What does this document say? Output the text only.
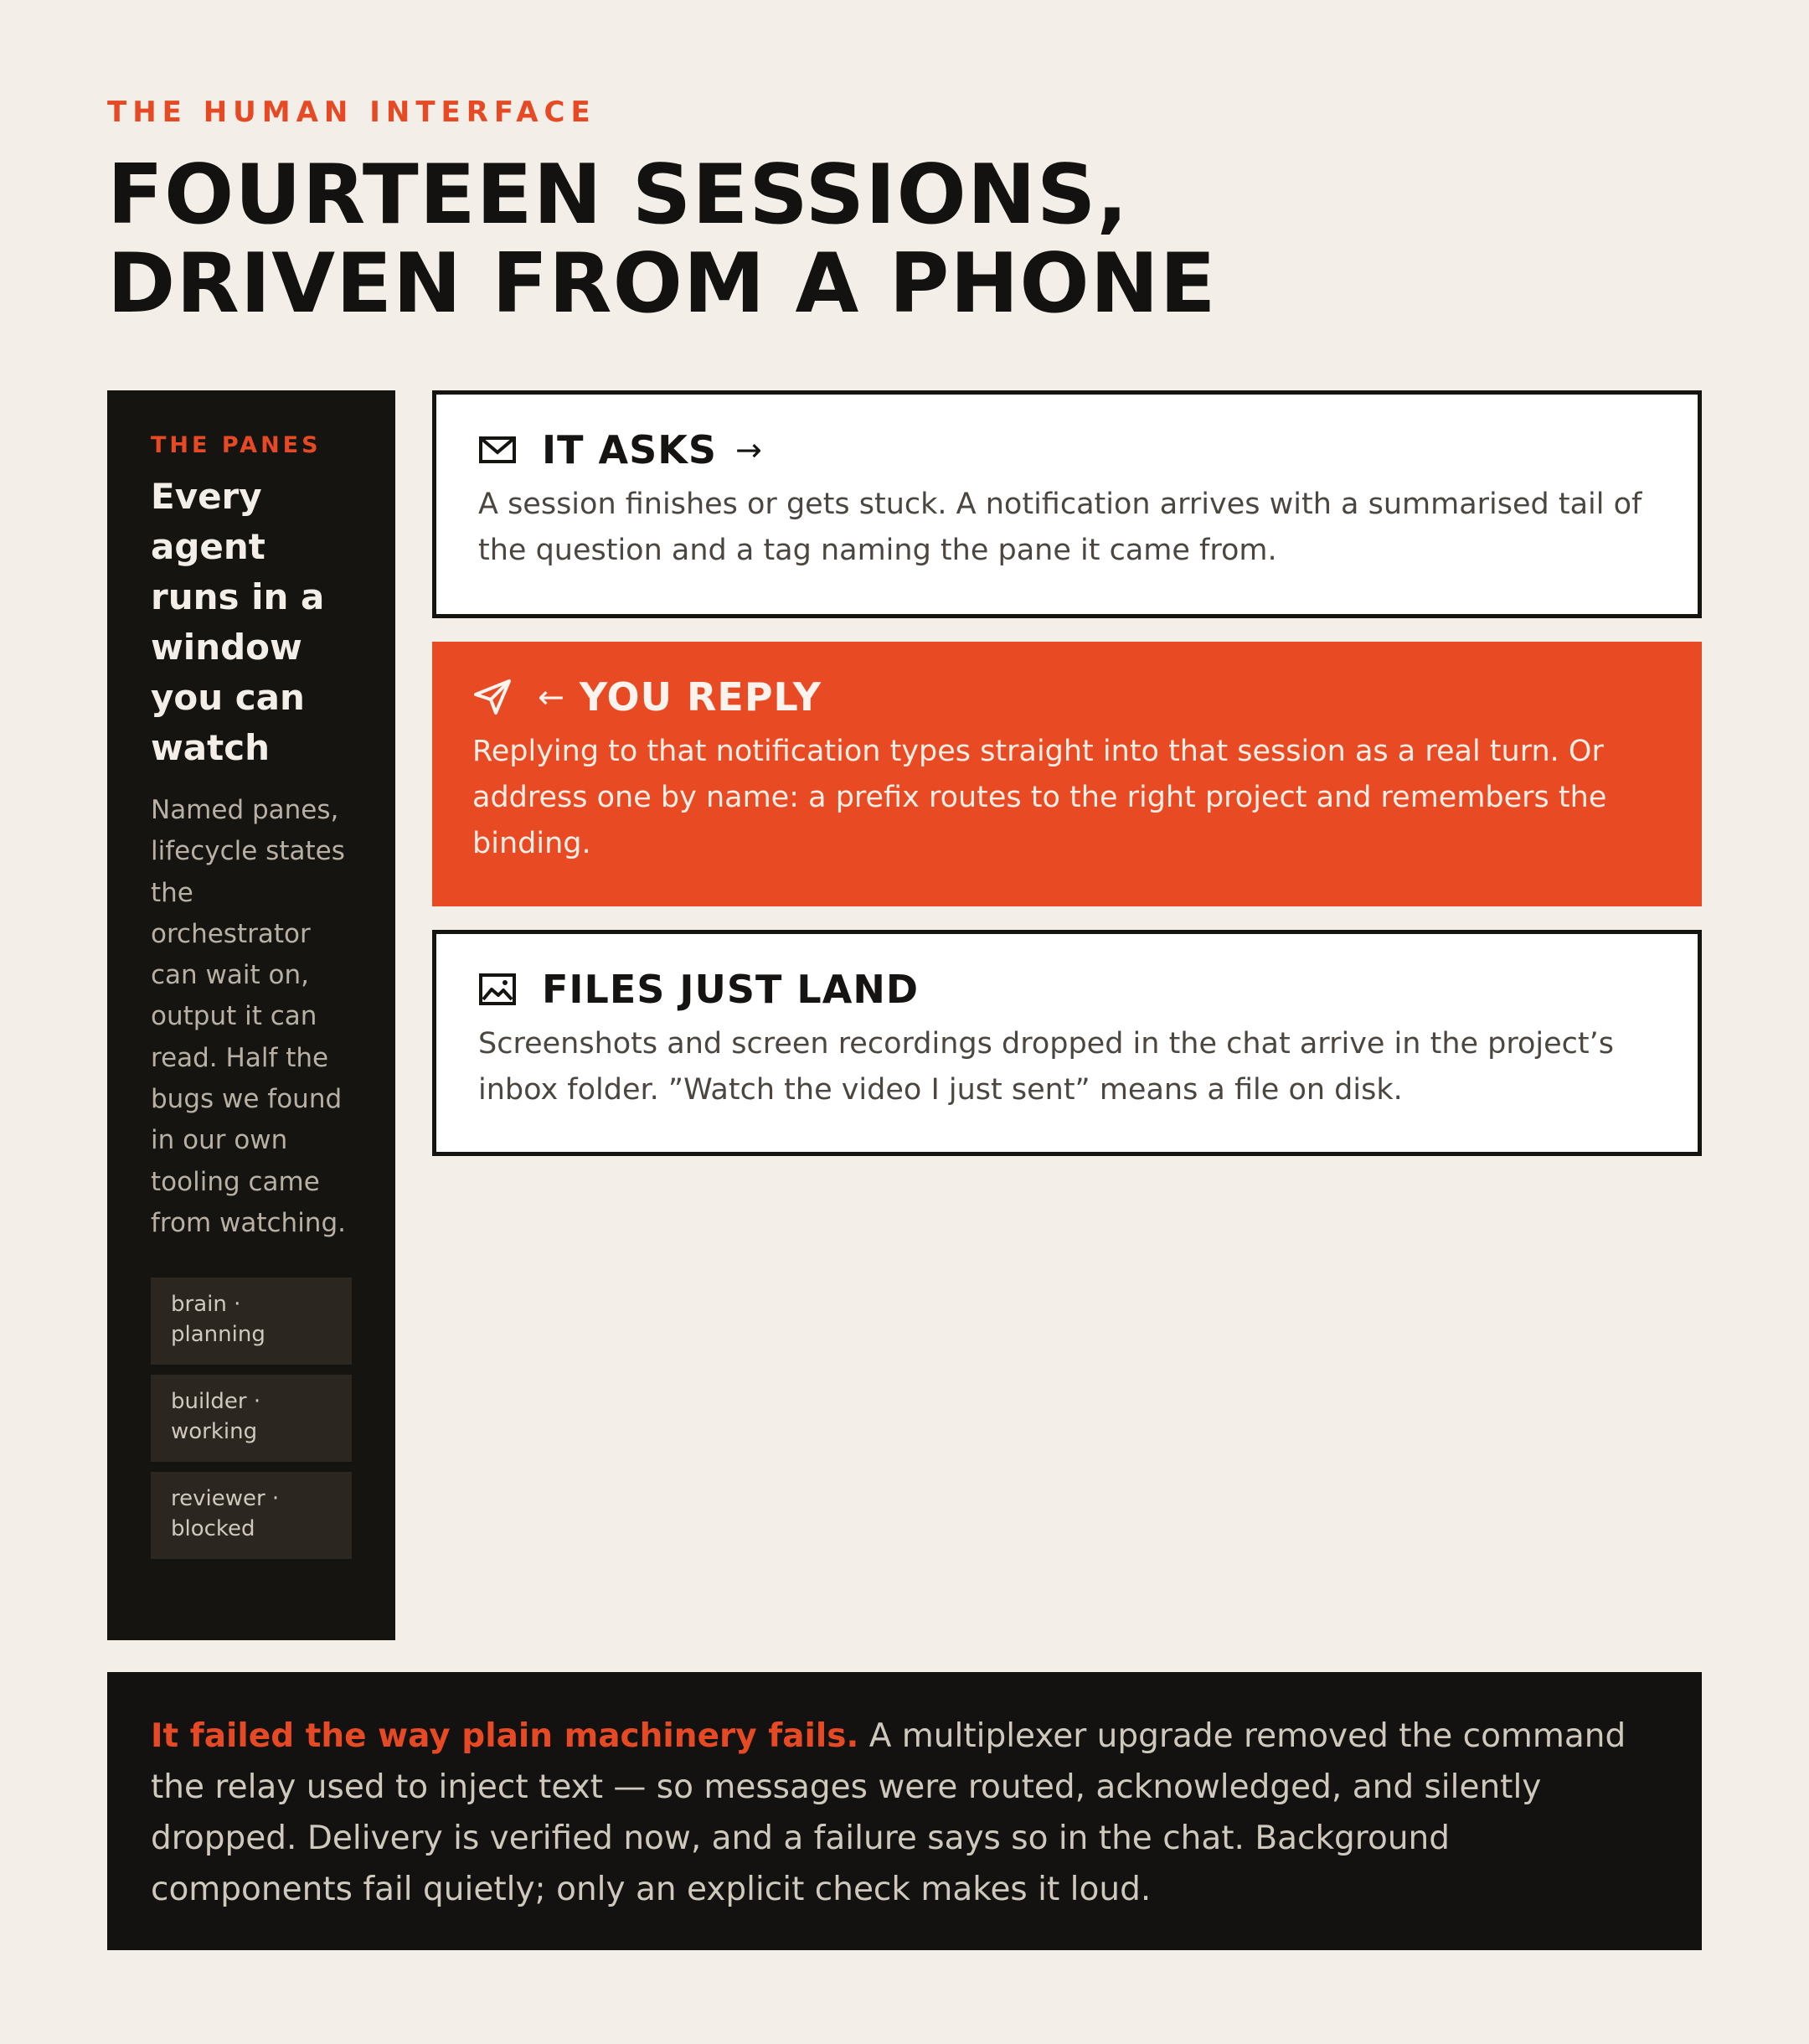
THE HUMAN INTERFACE
FOURTEEN SESSIONS,
DRIVEN FROM A PHONE
THE PANES
Every agent runs in a window you can watch
Named panes, lifecycle states the orchestrator can wait on, output it can read. Half the bugs we found in our own tooling came from watching.
brain · planning
builder · working
reviewer · blocked
IT ASKS →

A session finishes or gets stuck. A notification arrives with a summarised tail of the question and a tag naming the pane it came from.

← YOU REPLY

Replying to that notification types straight into that session as a real turn. Or address one by name: a prefix routes to the right project and remembers the binding.

FILES JUST LAND

Screenshots and screen recordings dropped in the chat arrive in the project’s inbox folder. ”Watch the video I just sent” means a file on disk.

It failed the way plain machinery fails. A multiplexer upgrade removed the command the relay used to inject text — so messages were routed, acknowledged, and silently dropped. Delivery is verified now, and a failure says so in the chat. Background components fail quietly; only an explicit check makes it loud.
